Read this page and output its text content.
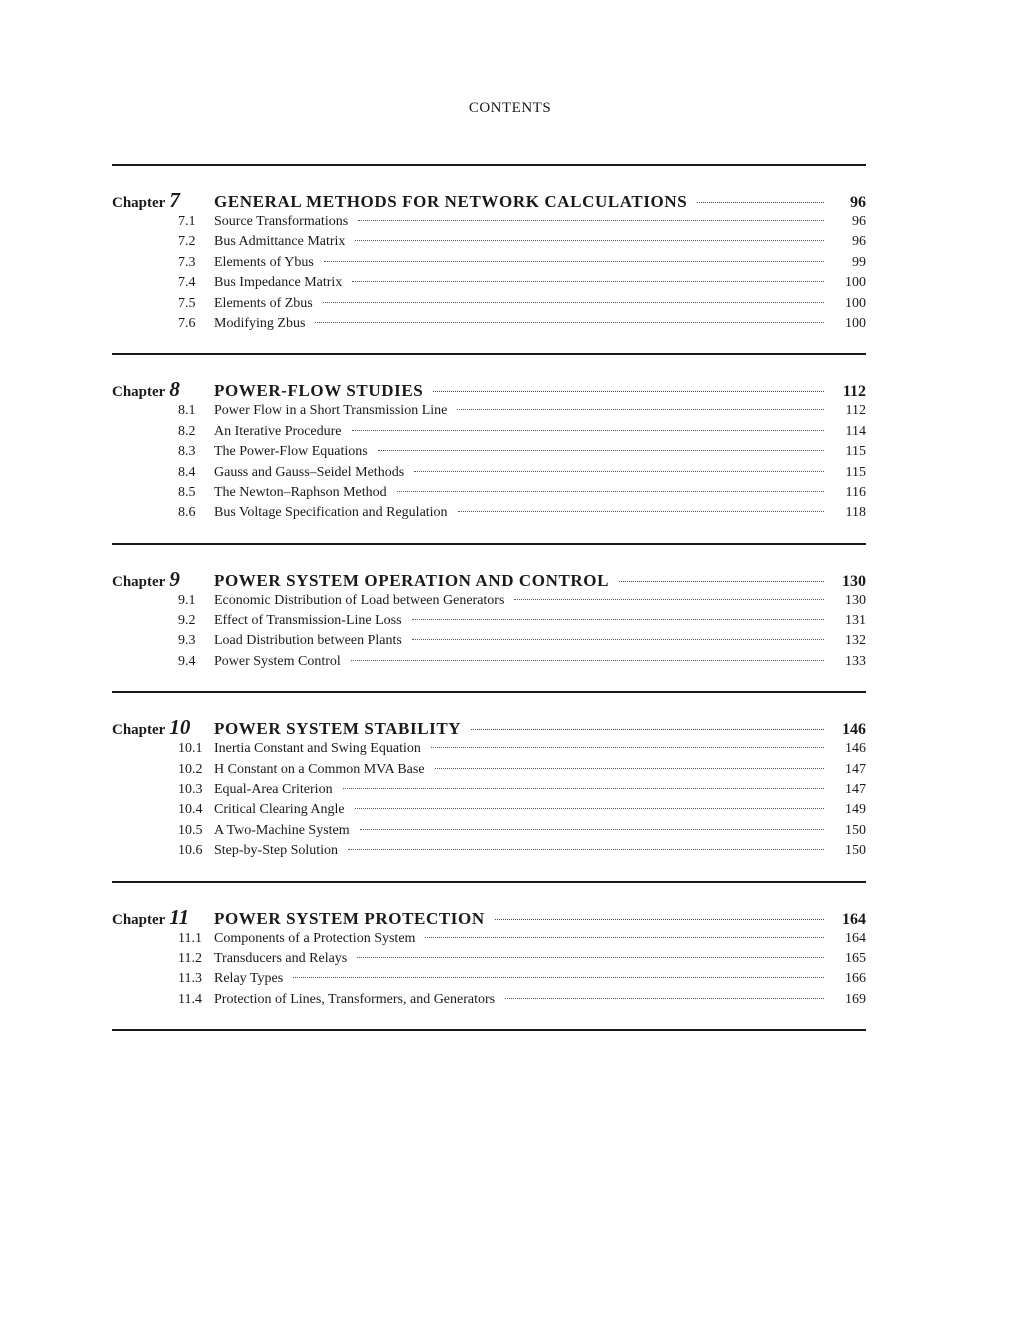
CONTENTS
Chapter 7	GENERAL METHODS FOR NETWORK CALCULATIONS	96
7.1	Source Transformations	96
7.2	Bus Admittance Matrix	96
7.3	Elements of Ybus	99
7.4	Bus Impedance Matrix	100
7.5	Elements of Zbus	100
7.6	Modifying Zbus	100
Chapter 8	POWER-FLOW STUDIES	112
8.1	Power Flow in a Short Transmission Line	112
8.2	An Iterative Procedure	114
8.3	The Power-Flow Equations	115
8.4	Gauss and Gauss–Seidel Methods	115
8.5	The Newton–Raphson Method	116
8.6	Bus Voltage Specification and Regulation	118
Chapter 9	POWER SYSTEM OPERATION AND CONTROL	130
9.1	Economic Distribution of Load between Generators	130
9.2	Effect of Transmission-Line Loss	131
9.3	Load Distribution between Plants	132
9.4	Power System Control	133
Chapter 10	POWER SYSTEM STABILITY	146
10.1 Inertia Constant and Swing Equation	146
10.2 H Constant on a Common MVA Base	147
10.3 Equal-Area Criterion	147
10.4 Critical Clearing Angle	149
10.5 A Two-Machine System	150
10.6 Step-by-Step Solution	150
Chapter 11	POWER SYSTEM PROTECTION	164
11.1 Components of a Protection System	164
11.2 Transducers and Relays	165
11.3 Relay Types	166
11.4 Protection of Lines, Transformers, and Generators	169
